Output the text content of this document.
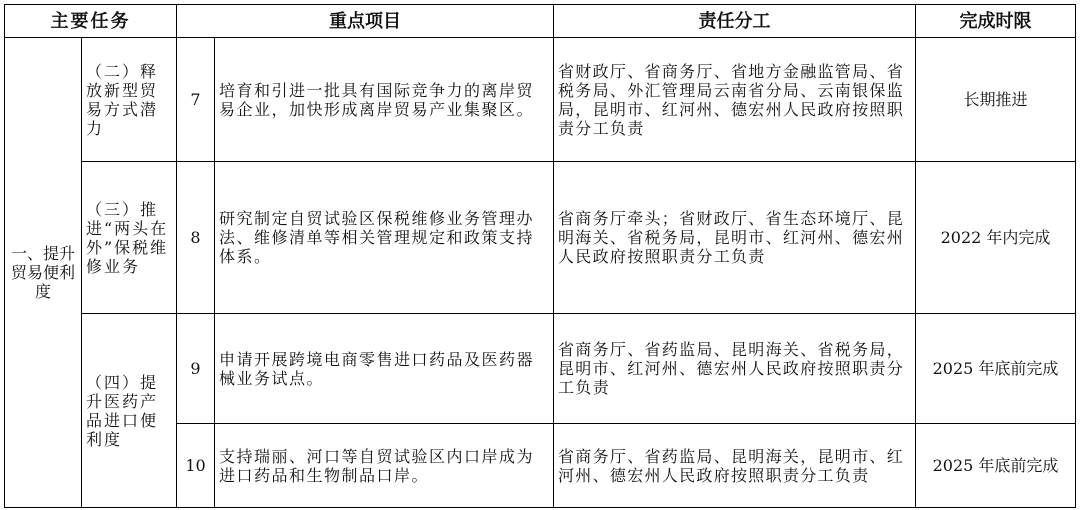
主要任务		重点项目		责任分工	完成时限
一、提升贸易便利度	（二）释放新型贸易方式潜力	7	培育和引进一批具有国际竞争力的离岸贸易企业，加快形成离岸贸易产业集聚区。	省财政厅、省商务厅、省地方金融监管局、省税务局、外汇管理局云南省分局、云南银保监局，昆明市、红河州、德宏州人民政府按照职责分工负责	长期推进
	（三）推进“两头在外”保税维修业务	8	研究制定自贸试验区保税维修业务管理办法、维修清单等相关管理规定和政策支持体系。	省商务厅牵头；省财政厅、省生态环境厅、昆明海关、省税务局，昆明市、红河州、德宏州人民政府按照职责分工负责	2022 年内完成
	（四）提升医药产品进口便利度	9	申请开展跨境电商零售进口药品及医药器械业务试点。	省商务厅、省药监局、昆明海关、省税务局，昆明市、红河州、德宏州人民政府按照职责分工负责	2025 年底前完成
		10	支持瑞丽、河口等自贸试验区内口岸成为进口药品和生物制品口岸。	省商务厅、省药监局、昆明海关，昆明市、红河州、德宏州人民政府按照职责分工负责	2025 年底前完成
